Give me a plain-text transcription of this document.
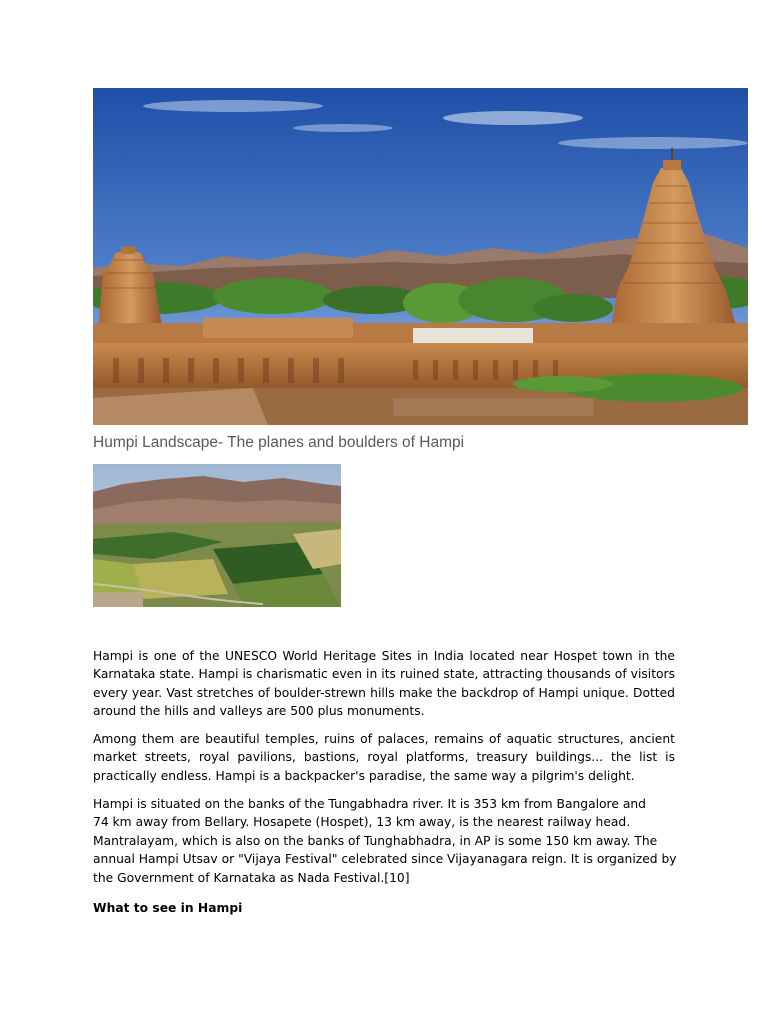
Humpi Landscape- The planes and boulders of Hampi

Hampi is one of the UNESCO World Heritage Sites in India located near Hospet town in the Karnataka state. Hampi is charismatic even in its ruined state, attracting thousands of visitors every year. Vast stretches of boulder-strewn hills make the backdrop of Hampi unique. Dotted around the hills and valleys are 500 plus monuments.

Among them are beautiful temples, ruins of palaces, remains of aquatic structures, ancient market streets, royal pavilions, bastions, royal platforms, treasury buildings... the list is practically endless. Hampi is a backpacker's paradise, the same way a pilgrim's delight.

Hampi is situated on the banks of the Tungabhadra river. It is 353 km from Bangalore and
74 km away from Bellary. Hosapete (Hospet), 13 km away, is the nearest railway head.
Mantralayam, which is also on the banks of Tunghabhadra, in AP is some 150 km away. The
annual Hampi Utsav or "Vijaya Festival" celebrated since Vijayanagara reign. It is organized by
the Government of Karnataka as Nada Festival.[10]

What to see in Hampi
